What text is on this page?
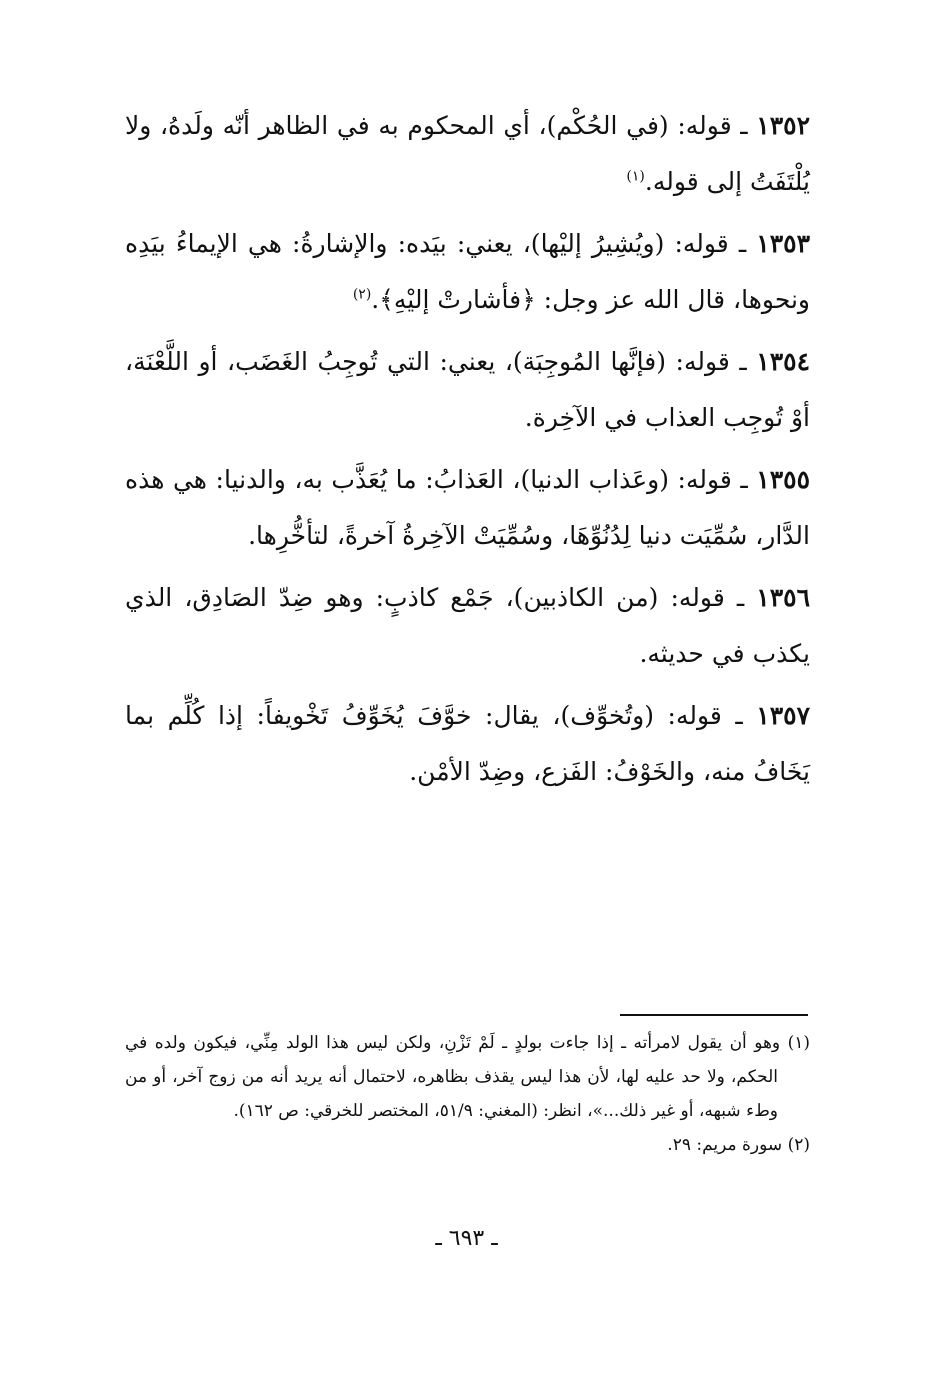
١٣٥٢ ـ قوله: (في الحُكْم)، أي المحكوم به في الظاهر أنّه ولَدهُ، ولا يُلْتَفَتُ إلى قوله.$^{(١)}$

١٣٥٣ ـ قوله: (ويُشِيرُ إليْها)، يعني: بيَده: والإشارةُ: هي الإيماءُ بيَدِه ونحوها، قال الله عز وجل: ﴿فأشارتْ إليْهِ﴾.$^{(٢)}$

١٣٥٤ ـ قوله: (فإنَّها المُوجِبَة)، يعني: التي تُوجِبُ الغَضَب، أو اللَّعْنَة، أوْ تُوجِب العذاب في الآخِرة.

١٣٥٥ ـ قوله: (وعَذاب الدنيا)، العَذابُ: ما يُعَذَّب به، والدنيا: هي هذه الدَّار، سُمِّيَت دنيا لِدُنُوِّهَا، وسُمِّيَتْ الآخِرةُ آخرةً، لتأخُّرِها.

١٣٥٦ ـ قوله: (من الكاذبين)، جَمْع كاذبٍ: وهو ضِدّ الصَادِق، الذي يكذب في حديثه.

١٣٥٧ ـ قوله: (وتُخوِّف)، يقال: خوَّفَ يُخَوِّفُ تَخْويفاً: إذا كُلِّم بما يَخَافُ منه، والخَوْفُ: الفَزع، وضِدّ الأمْن.

(١) وهو أن يقول لامرأته ـ إذا جاءت بولدٍ ـ لَمْ تَزْنِ، ولكن ليس هذا الولد مِنِّي، فيكون ولده في الحكم، ولا حد عليه لها، لأن هذا ليس يقذف بظاهره، لاحتمال أنه يريد أنه من زوج آخر، أو من وطء شبهه، أو غير ذلك...»، انظر: (المغني: ٥١/٩، المختصر للخرقي: ص ١٦٢).

(٢) سورة مريم: ٢٩.

ـ ٦٩٣ ـ
